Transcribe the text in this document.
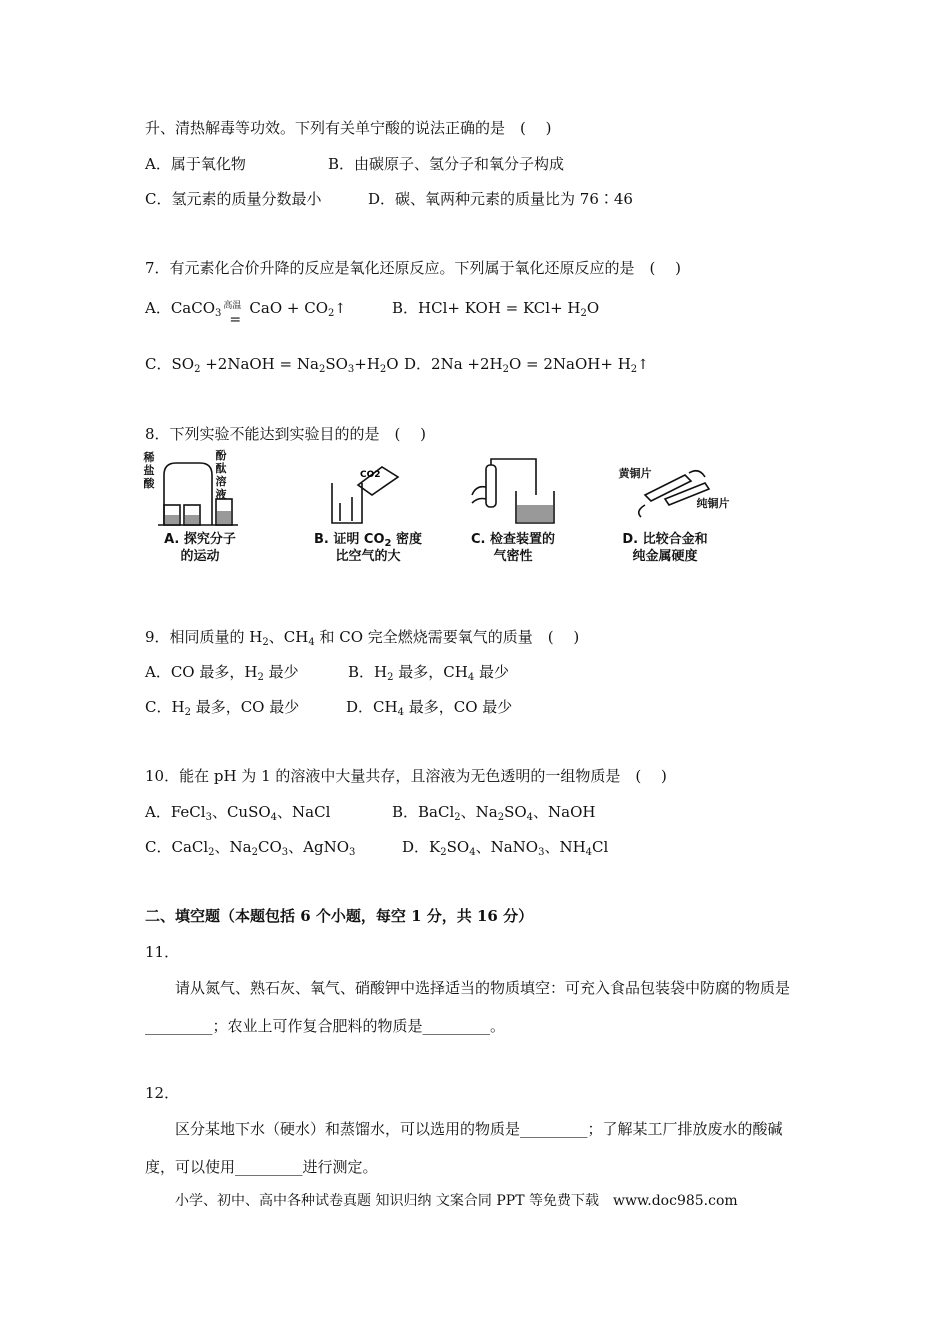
升、清热解毒等功效。下列有关单宁酸的说法正确的是　( 　)
A．属于氧化物	B．由碳原子、氢分子和氧分子构成
C．氢元素的质量分数最小	D．碳、氧两种元素的质量比为 76∶46
7．有元素化合价升降的反应是氧化还原反应。下列属于氧化还原反应的是　( 　)
A．CaCO$_3$
高温
=
CaO + $CO_2↑$	B．HCl+ KOH = $KCl+ H_2O$
C．$SO_2$ +2NaOH = $Na_2SO_3+H_2O$ D．$2Na +2H_2O$ = 2NaOH+ $H_2↑$
8．下列实验不能达到实验目的的是　( 　)
稀盐酸
酚酞溶液
A. 探究分子
的运动
CO2
B. 证明 $CO_2$ 密度
比空气的大
C. 检查装置的
气密性
黄铜片
纯铜片
D. 比较合金和
纯金属硬度
9．相同质量的 $H_2$、$CH_4$ 和 CO 完全燃烧需要氧气的质量　( 　)
A．CO 最多，$H_2$ 最少	B．$H_2$ 最多，$CH_4$ 最少
C．$H_2$ 最多，CO 最少	D．$CH_4$ 最多，CO 最少
10．能在 pH 为 1 的溶液中大量共存，且溶液为无色透明的一组物质是　( 　)
A．FeCl$_3$、CuSO$_4$、NaCl	B．BaCl$_2$、$Na_2SO_4$、NaOH
C．CaCl$_2$、$Na_2CO_3$、AgNO$_3$	D．$K_2SO_4$、NaNO$_3$、$NH_4Cl$
二、填空题（本题包括 6 个小题，每空 1 分，共 16 分）
11．
请从氮气、熟石灰、氧气、硝酸钾中选择适当的物质填空：可充入食品包装袋中防腐的物质是_________；农业上可作复合肥料的物质是_________。
12．
区分某地下水（硬水）和蒸馏水，可以选用的物质是_________；了解某工厂排放废水的酸碱度，可以使用_________进行测定。
小学、初中、高中各种试卷真题 知识归纳 文案合同 PPT 等免费下载　www.doc985.com
